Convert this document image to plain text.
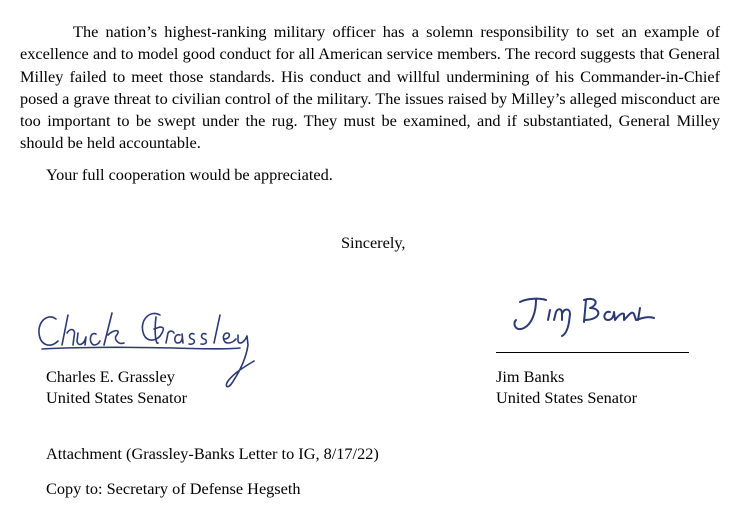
The nation’s highest-ranking military officer has a solemn responsibility to set an example of excellence and to model good conduct for all American service members. The record suggests that General Milley failed to meet those standards. His conduct and willful undermining of his Commander-in-Chief posed a grave threat to civilian control of the military. The issues raised by Milley’s alleged misconduct are too important to be swept under the rug. They must be examined, and if substantiated, General Milley should be held accountable.

Your full cooperation would be appreciated.

Sincerely,

Charles E. Grassley

United States Senator

Jim Banks

United States Senator

Attachment (Grassley-Banks Letter to IG, 8/17/22)

Copy to: Secretary of Defense Hegseth
